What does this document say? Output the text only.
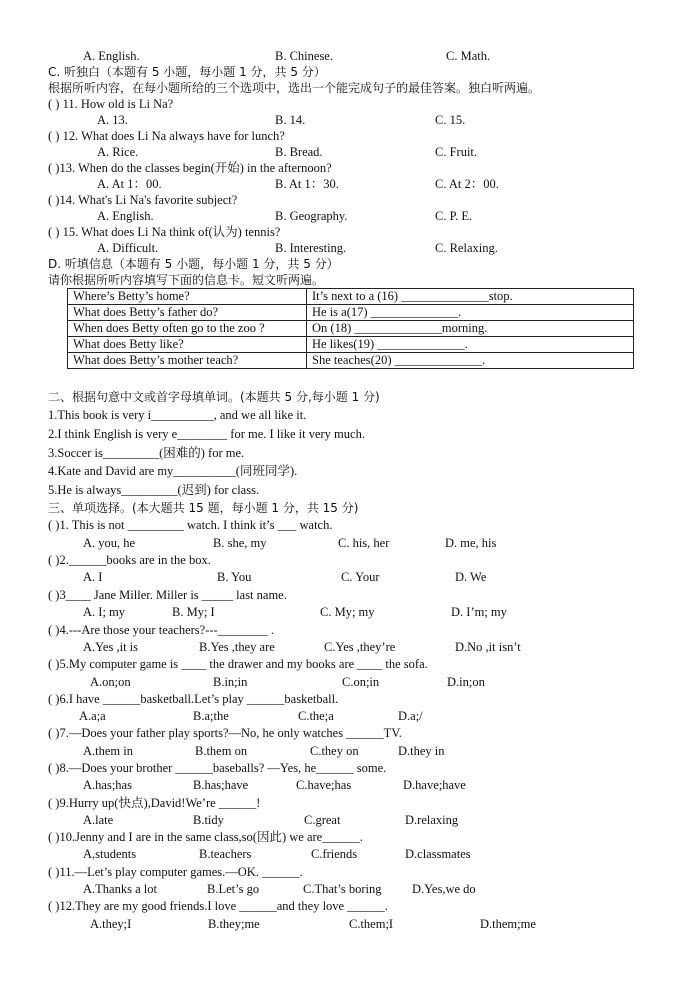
A. English.	B. Chinese.	C. Math.
C. 听独白（本题有 5 小题，每小题 1 分，共 5 分）
根据所听内容，在每小题所给的三个选项中，选出一个能完成句子的最佳答案。独白听两遍。
( ) 11. How old is Li Na?
A. 13.	B. 14.	C. 15.
( ) 12. What does Li Na always have for lunch?
A. Rice.	B. Bread.	C. Fruit.
( )13. When do the classes begin(开始) in the afternoon?
A. At 1：00.	B. At 1：30.	C. At 2：00.
( )14. What's Li Na's favorite subject?
A. English.	B. Geography.	C. P. E.
( ) 15. What does Li Na think of(认为) tennis?
A. Difficult.	B. Interesting.	C. Relaxing.
D. 听填信息（本题有 5 小题，每小题 1 分，共 5 分）
请你根据所听内容填写下面的信息卡。短文听两遍。
Where’s Betty’s home?	It’s next to a (16) ______________stop.
What does Betty’s father do?	He is a(17) ______________.
When does Betty often go to the zoo ?	On (18) ______________morning.
What does Betty like?	He likes(19) ______________.
What does Betty’s mother teach?	She teaches(20) ______________.
二、根据句意中文或首字母填单词。(本题共 5 分,每小题 1 分)
1.This book is very i__________, and we all like it.
2.I think English is very e________ for me. I like it very much.
3.Soccer is_________(困难的) for me.
4.Kate and David are my__________(同班同学).
5.He is always_________(迟到) for class.
三、单项选择。(本大题共 15 题，每小题 1 分，共 15 分)
( )1. This is not _________ watch. I think it’s ___ watch.
A. you, he	B. she, my	C. his, her	D. me, his
( )2.______books are in the box.
A. I	B. You	C. Your	D. We
( )3____ Jane Miller. Miller is _____ last name.
A. I; my	B. My; I	C. My; my	D. I’m; my
( )4.---Are those your teachers?---________ .
A.Yes ,it is	B.Yes ,they are	C.Yes ,they’re	D.No ,it isn’t
( )5.My computer game is ____ the drawer and my books are ____ the sofa.
A.on;on	B.in;in	C.on;in	D.in;on
( )6.I have ______basketball.Let’s play ______basketball.
A.a;a	B.a;the	C.the;a	D.a;/
( )7.—Does your father play sports?—No, he only watches ______TV.
A.them in	B.them on	C.they on	D.they in
( )8.—Does your brother ______baseballs? —Yes, he______ some.
A.has;has	B.has;have	C.have;has	D.have;have
( )9.Hurry up(快点),David!We’re ______!
A.late	B.tidy	C.great	D.relaxing
( )10.Jenny and I are in the same class,so(因此) we are______.
A,students	B.teachers	C.friends	D.classmates
( )11.—Let’s play computer games.—OK. ______.
A.Thanks a lot	B.Let’s go	C.That’s boring D.Yes,we do
( )12.They are my good friends.I love ______and they love ______.
A.they;I	B.they;me	C.them;I	D.them;me
